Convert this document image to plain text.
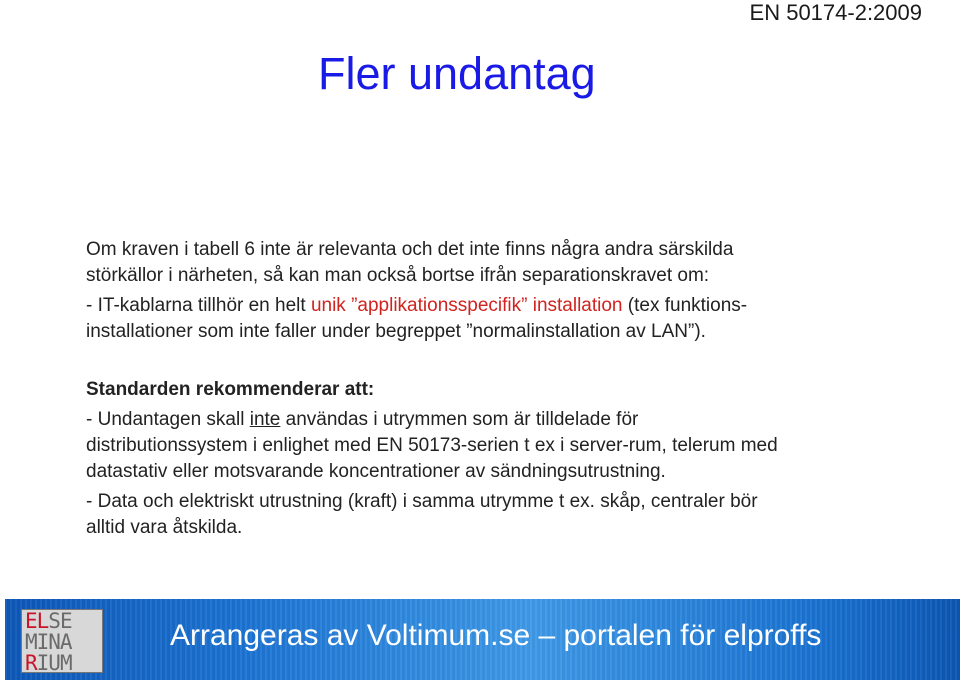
EN 50174-2:2009
Fler undantag

Om kraven i tabell 6 inte är relevanta och det inte finns några andra särskilda

störkällor i närheten, så kan man också bortse ifrån separationskravet om:

- IT-kablarna tillhör en helt unik ”applikationsspecifik” installation (tex funktions-

installationer som inte faller under begreppet ”normalinstallation av LAN”).

Standarden rekommenderar att:

- Undantagen skall inte användas i utrymmen som är tilldelade för

distributionssystem i enlighet med EN 50173-serien t ex i server-rum, telerum med

datastativ eller motsvarande koncentrationer av sändningsutrustning.

- Data och elektriskt utrustning (kraft) i samma utrymme t ex. skåp, centraler bör

alltid vara åtskilda.

ELSE
MINA
RIUM
Arrangeras av Voltimum.se – portalen för elproffs
